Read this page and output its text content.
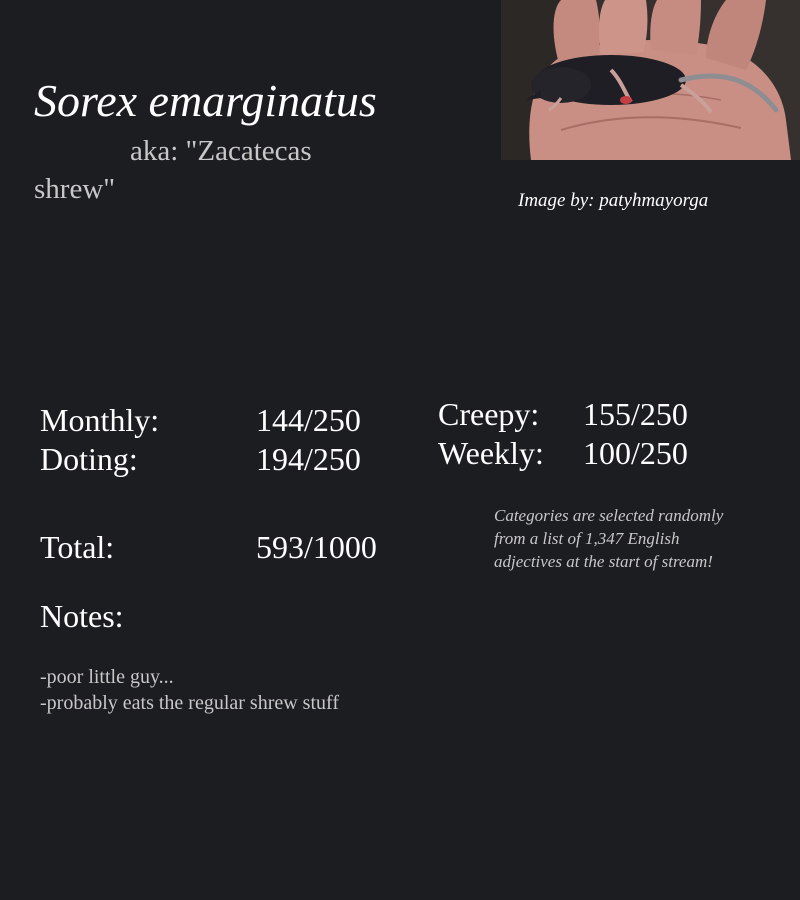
Sorex emarginatus
aka: "Zacatecas shrew"	Image by: patyhmayorga
Monthly:	144/250
Doting:	194/250
Creepy: 155/250
Weekly: 100/250
Total:	593/1000
Categories are selected randomly from a list of 1,347 English adjectives at the start of stream!
Notes:
-poor little guy...
-probably eats the regular shrew stuff
